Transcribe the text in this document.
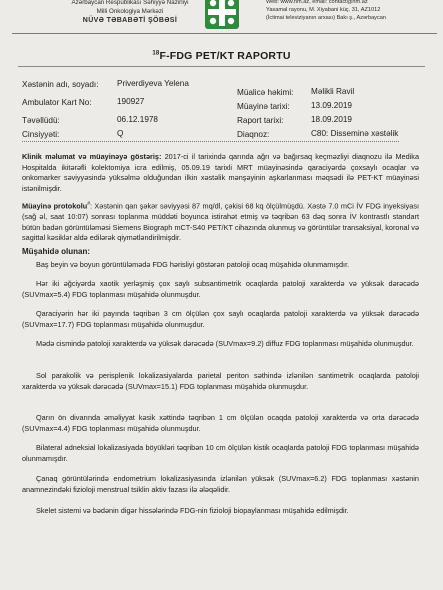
Azərbaycan Respublikası Səhiyyə Nazirliyi
Milli Onkologiya Mərkəzi
NÜVƏ TƏBABƏTİ ŞÖBƏSİ
Web: www.nm.az, email: contact@nm.az
Yasamal rayonu, M. Xiyabani küç. 31, AZ1012
(İctimai televiziyanın arxası) Bakı ş., Azərbaycan
$^{18}$F-FDG PET/KT RAPORTU
Xəstənin adı, soyadı: Priverdiyeva Yelena
Ambulator Kart No:	190927
Təvəllüdü:	06.12.1978
Cinsiyyəti:	Q
Müalicə həkimi: Məlikli Ravil
Müayinə tarixi:	13.09.2019
Raport tarixi:	18.09.2019
Diaqnoz:	C80: Disseminə xəstəlik
Klinik məlumat və müayinəyə göstəriş: 2017-ci il tarixində qarında ağrı və bağırsaq keçməzliyi diaqnozu ilə Medika Hospitalda ikitərəfli kolektomiya icra edilmiş, 05.09.19 tarixli MRT müayinəsində qaraciyərdə çoxsaylı ocaqlar və onkomarker səviyyəsində yüksəlmə olduğundan ilkin xəstəlik mənşəyinin aşkarlanması məqsədi ilə PET-KT müayinəsi istənilmişdir.
Müayinə protokolu#: Xəstənin qan şəkər səviyyəsi 87 mq/dl, çəkisi 68 kq ölçülmüşdü. Xəstə 7.0 mCi İV FDG inyeksiyası (sağ əl, saat 10:07) sonrası toplanma müddəti boyunca istirahət etmiş və təqribən 63 dəq sonra İV kontrastlı standart bütün badən görüntüləməsi Siemens Biograph mCT-S40 PET/KT cihazında olunmuş və görüntülər transaksiyal, koronal və sagittal kəsiklər aldə edilərək qiymətləndirilmişdir.
Müşahidə olunan:
Baş beyin və boyun görüntüləmədə FDG hərisliyi göstərən patoloji ocaq müşahidə olunmamışdır.
Hər iki əğciyərdə xaotik yerləşmiş çox saylı subsantimetrik ocaqlarda patoloji xarakterdə və yüksək dərəcədə (SUVmax=5.4) FDG toplanması müşahidə olunmuşdur.
Qaraciyərin hər iki payında təqribən 3 cm ölçülən çox saylı ocaqlarda patoloji xarakterdə və yüksək dərəcədə (SUVmax=17.7) FDG toplanması müşahidə olunmuşdur.
Mədə cismində patoloji xarakterdə və yüksək dərəcədə (SUVmax=9.2) diffuz FDG toplanması müşahidə olunmuşdur.
Sol parakolik və perisplenik lokalizasiyalarda parietal periton səthində izlənilən santimetrik ocaqlarda patoloji xarakterdə və yüksək dərəcədə (SUVmax=15.1) FDG toplanması müşahidə olunmuşdur.
Qarın ön divarında əməliyyat kəsik xəttində təqribən 1 cm ölçülən ocaqda patoloji xarakterdə və orta dərəcədə (SUVmax=4.4) FDG toplanması müşahidə olunmuşdur.
Bilateral adneksial lokalizasiyada böyükləri təqribən 10 cm ölçülən kistik ocaqlarda patoloji FDG toplanması müşahidə olunmamışdır.
Çanaq görüntülərində endometrium lokalizasiyasında izlənilən yüksək (SUVmax=6.2) FDG toplanması xəstənin anamnezindəki fizioloji menstrual tsiklin aktiv fazası ilə ələqəlidir.
Skelet sistemi və bədənin digər hissələrində FDG-nin fizioloji biopaylanması müşahidə edilmişdir.
